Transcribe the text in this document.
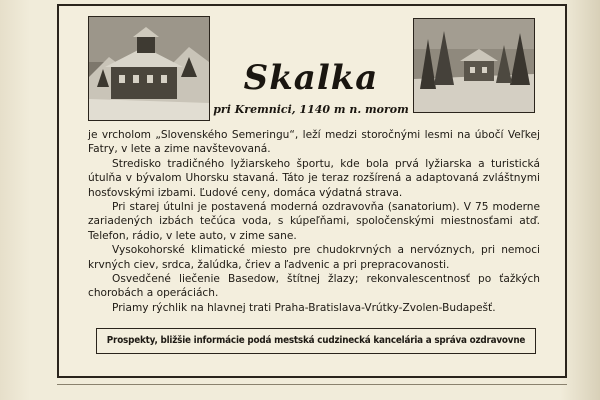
Skalka
pri Kremnici, 1140 m n. morom

je vrcholom „Slovenského Semeringu“, leží medzi storočnými lesmi na úbočí Veľkej Fatry, v lete a zime navštevovaná.

Stredisko tradičného lyžiarskeho športu, kde bola prvá lyžiarska a turistická útulňa v bývalom Uhorsku stavaná. Táto je teraz rozšírená a adaptovaná zvláštnymi hosťovskými izbami. Ľudové ceny, domáca výdatná strava.

Pri starej útulni je postavená moderná ozdravovňa (sanatorium). V 75 moderne zariadených izbách tečúca voda, s kúpeľňami, spoločenskými miestnosťami atď. Telefon, rádio, v lete auto, v zime sane.

Vysokohorské klimatické miesto pre chudokrvných a nervóznych, pri nemoci krvných ciev, srdca, žalúdka, čriev a ľadvenic a pri prepracovanosti.

Osvedčené liečenie Basedow, štítnej žlazy; rekonvalescentnosť po ťažkých chorobách a operáciách.

Priamy rýchlik na hlavnej trati Praha-Bratislava-Vrútky-Zvolen-Budapešť.

Prospekty, bližšie informácie podá mestská cudzinecká kancelária a správa ozdravovne
